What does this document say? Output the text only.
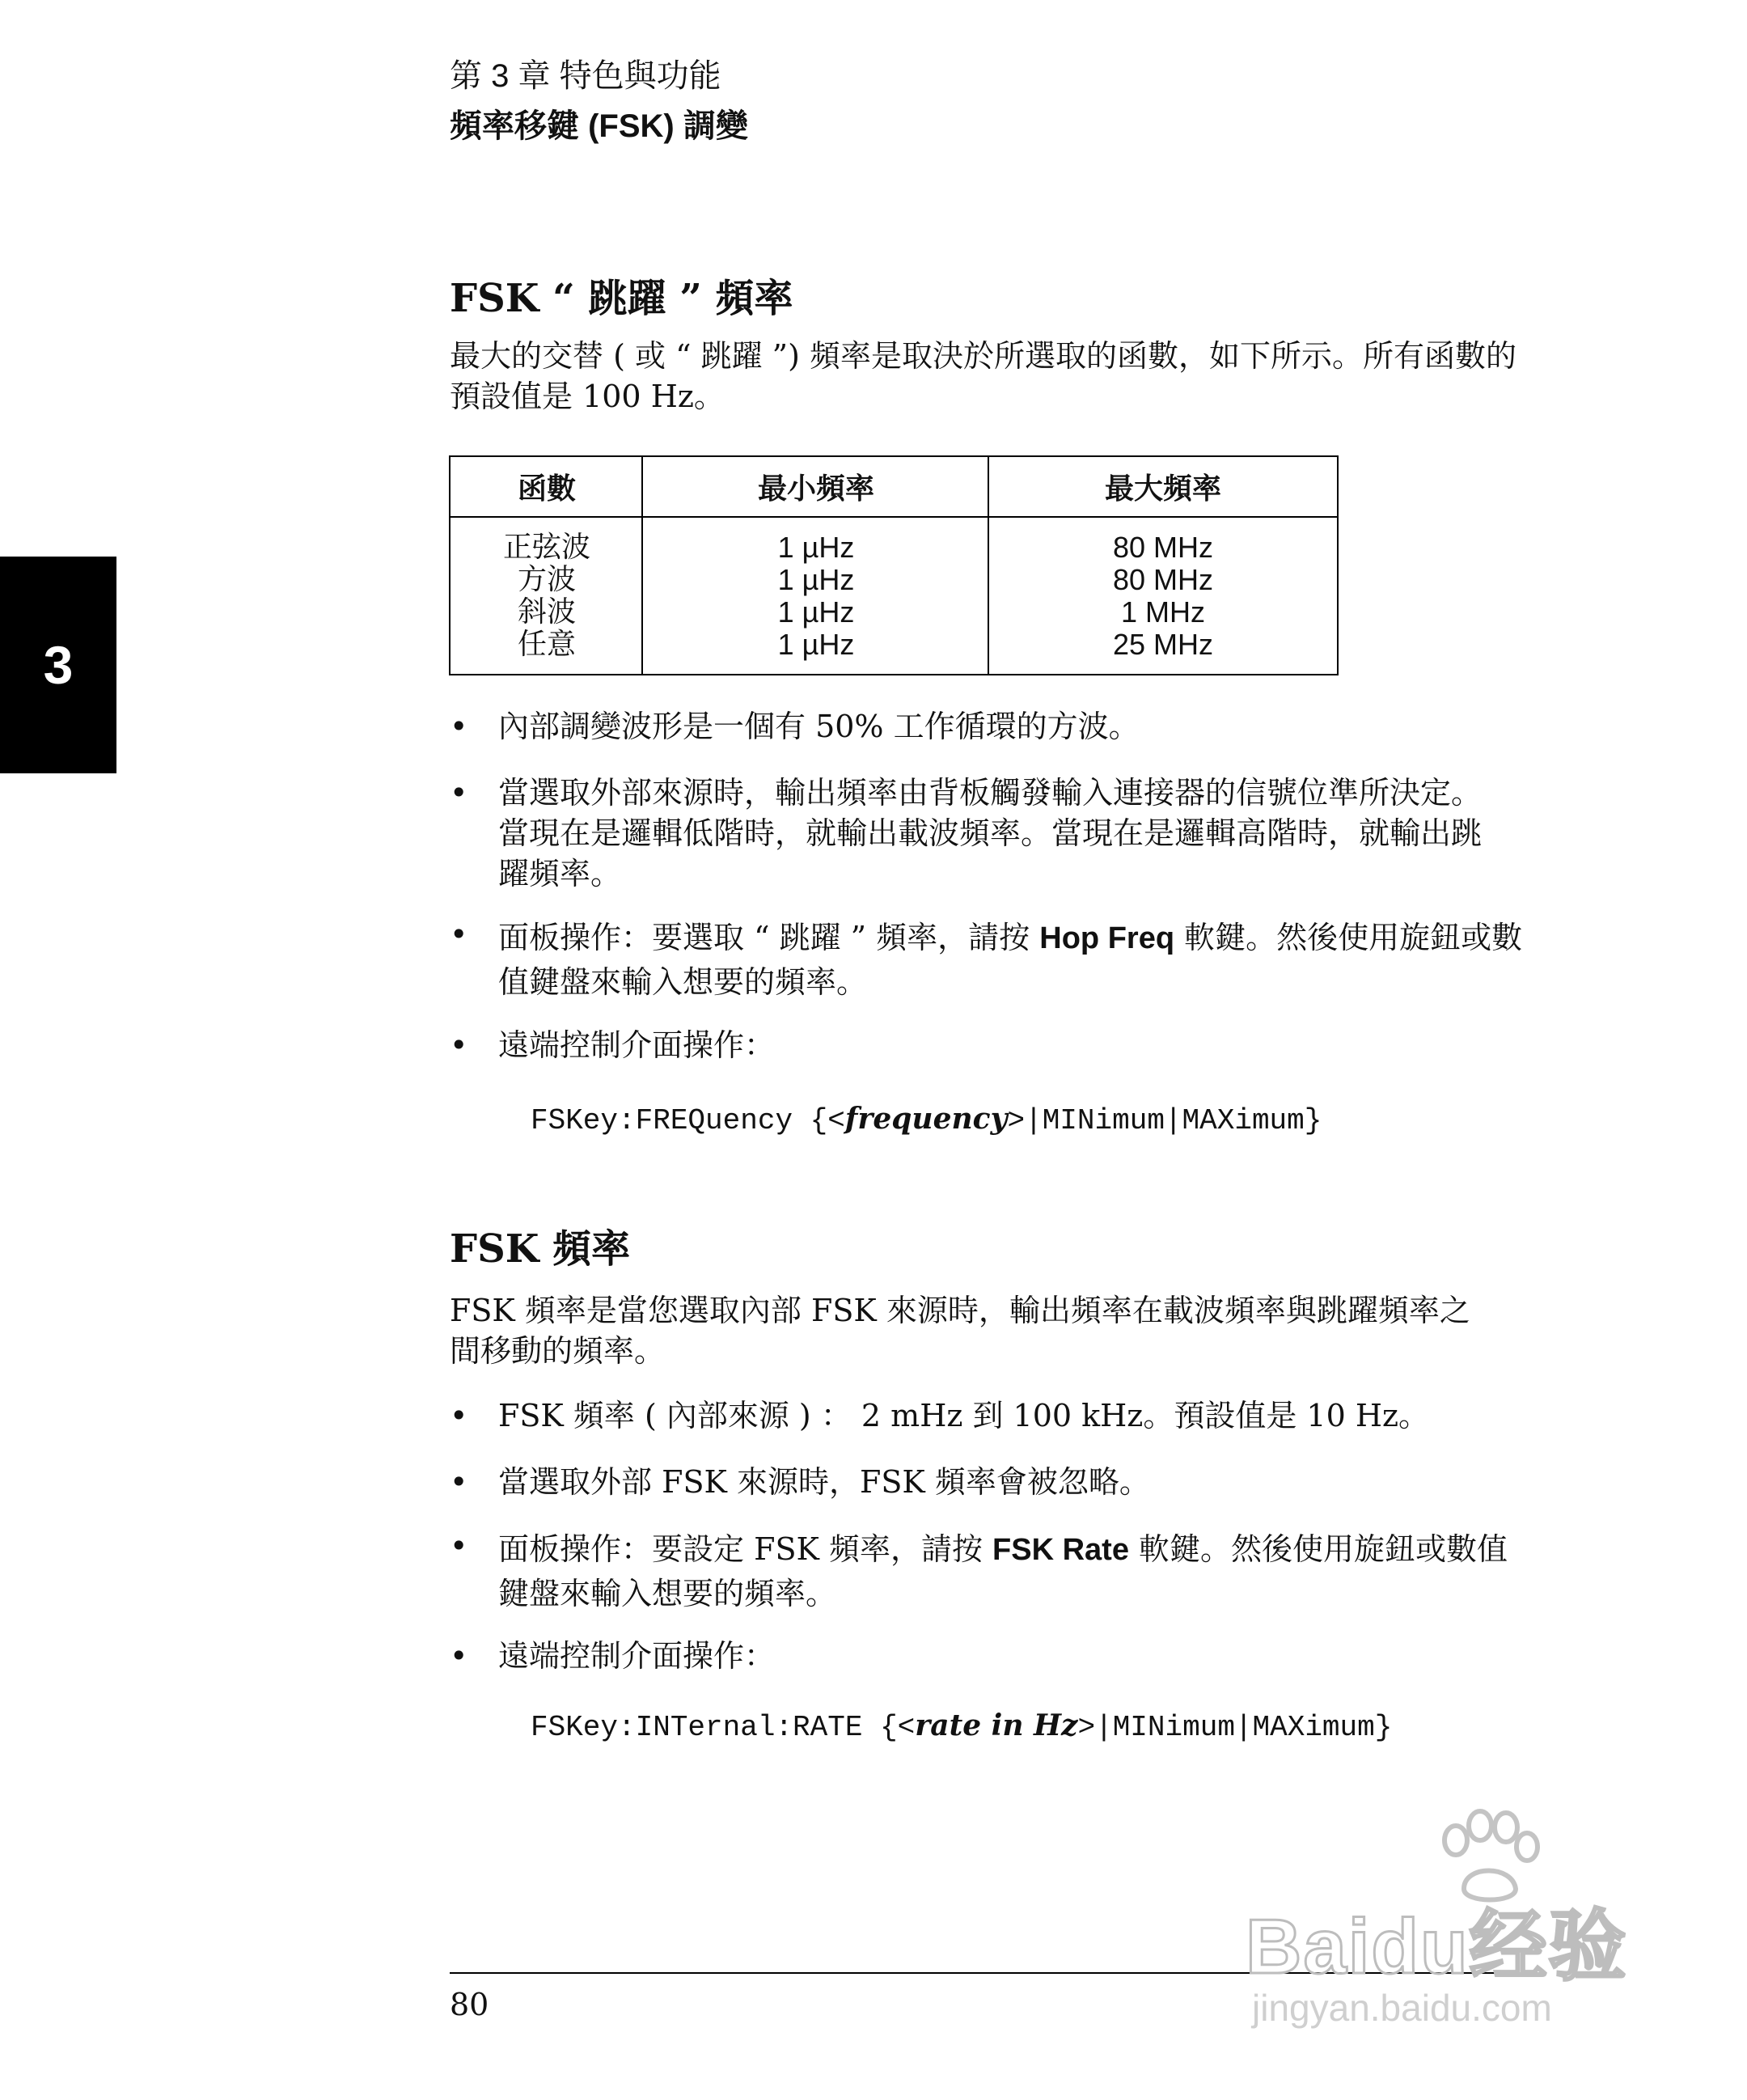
第 3 章 特色與功能
頻率移鍵 (FSK) 調變
3
FSK “ 跳躍 ” 頻率
最大的交替 ( 或 “ 跳躍 ”) 頻率是取決於所選取的函數，如下所示。所有函數的
預設值是 100 Hz。
函數	最小頻率	最大頻率
正弦波
方波
斜波
任意
1 µHz
1 µHz
1 µHz
1 µHz
80 MHz
80 MHz
1 MHz
25 MHz
• 內部調變波形是一個有 50% 工作循環的方波。
• 當選取外部來源時，輸出頻率由背板觸發輸入連接器的信號位準所決定。
當現在是邏輯低階時，就輸出載波頻率。當現在是邏輯高階時，就輸出跳
躍頻率。
• 面板操作：要選取 “ 跳躍 ” 頻率，請按 Hop Freq 軟鍵。然後使用旋鈕或數
值鍵盤來輸入想要的頻率。
• 遠端控制介面操作：
FSKey:FREQuency {<frequency>|MINimum|MAXimum}
FSK 頻率
FSK 頻率是當您選取內部 FSK 來源時，輸出頻率在載波頻率與跳躍頻率之
間移動的頻率。
• FSK 頻率 ( 內部來源 ) ： 2 mHz 到 100 kHz。預設值是 10 Hz。
• 當選取外部 FSK 來源時，FSK 頻率會被忽略。
• 面板操作：要設定 FSK 頻率，請按 FSK Rate 軟鍵。然後使用旋鈕或數值
鍵盤來輸入想要的頻率。
• 遠端控制介面操作：
FSKey:INTernal:RATE {<rate in Hz>|MINimum|MAXimum}
80
Baidu经验
jingyan.baidu.com
